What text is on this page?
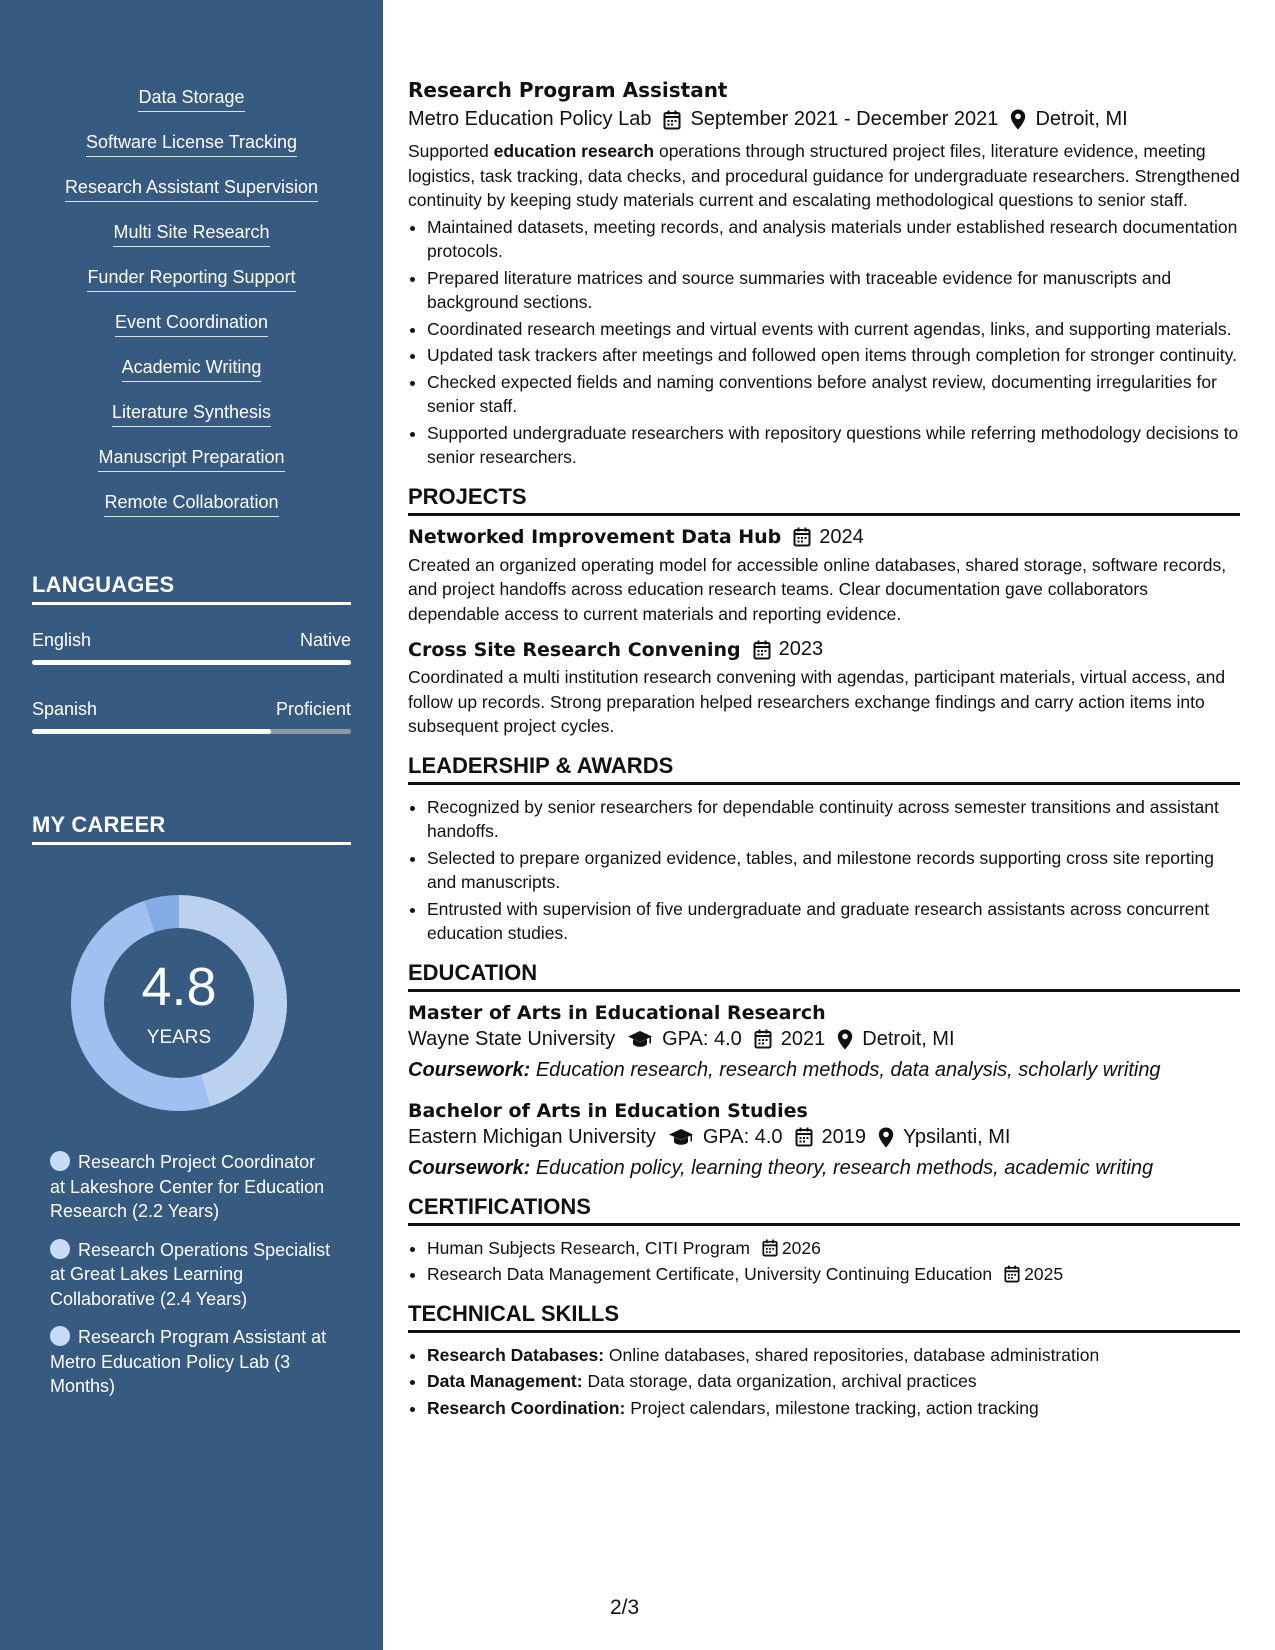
Data Storage
Software License Tracking
Research Assistant Supervision
Multi Site Research
Funder Reporting Support
Event Coordination
Academic Writing
Literature Synthesis
Manuscript Preparation
Remote Collaboration
LANGUAGES
English	Native
Spanish	Proficient
MY CAREER
4.8
YEARS
Research Project Coordinator at Lakeshore Center for Education Research (2.2 Years)
Research Operations Specialist at Great Lakes Learning Collaborative (2.4 Years)
Research Program Assistant at Metro Education Policy Lab (3 Months)
Research Program Assistant
Metro Education Policy Lab September 2021 - December 2021 Detroit, MI

Supported education research operations through structured project files, literature evidence, meeting logistics, task tracking, data checks, and procedural guidance for undergraduate researchers. Strengthened continuity by keeping study materials current and escalating methodological questions to senior staff.

• Maintained datasets, meeting records, and analysis materials under established research documentation protocols.
• Prepared literature matrices and source summaries with traceable evidence for manuscripts and background sections.
• Coordinated research meetings and virtual events with current agendas, links, and supporting materials.
• Updated task trackers after meetings and followed open items through completion for stronger continuity.
• Checked expected fields and naming conventions before analyst review, documenting irregularities for senior staff.
• Supported undergraduate researchers with repository questions while referring methodology decisions to senior researchers.
PROJECTS
Networked Improvement Data Hub 2024

Created an organized operating model for accessible online databases, shared storage, software records, and project handoffs across education research teams. Clear documentation gave collaborators dependable access to current materials and reporting evidence.

Cross Site Research Convening 2023

Coordinated a multi institution research convening with agendas, participant materials, virtual access, and follow up records. Strong preparation helped researchers exchange findings and carry action items into subsequent project cycles.

LEADERSHIP & AWARDS
• Recognized by senior researchers for dependable continuity across semester transitions and assistant handoffs.
• Selected to prepare organized evidence, tables, and milestone records supporting cross site reporting and manuscripts.
• Entrusted with supervision of five undergraduate and graduate research assistants across concurrent education studies.
EDUCATION
Master of Arts in Educational Research
Wayne State University GPA: 4.0 2021 Detroit, MI
Coursework: Education research, research methods, data analysis, scholarly writing
Bachelor of Arts in Education Studies
Eastern Michigan University GPA: 4.0 2019 Ypsilanti, MI
Coursework: Education policy, learning theory, research methods, academic writing
CERTIFICATIONS
• Human Subjects Research, CITI Program 2026
• Research Data Management Certificate, University Continuing Education 2025
TECHNICAL SKILLS
• Research Databases: Online databases, shared repositories, database administration
• Data Management: Data storage, data organization, archival practices
• Research Coordination: Project calendars, milestone tracking, action tracking
2/3
